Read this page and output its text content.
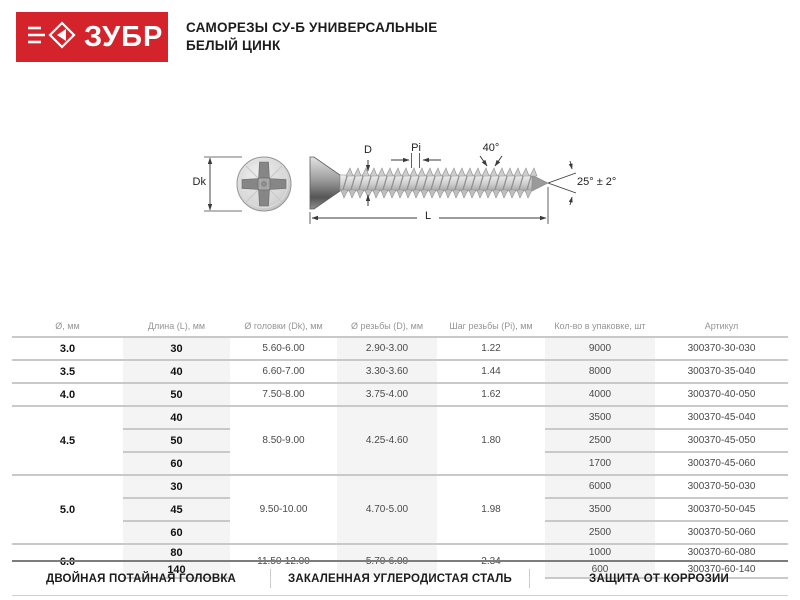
ЗУБР САМОРЕЗЫ СУ-Б УНИВЕРСАЛЬНЫЕ
БЕЛЫЙ ЦИНК
Dk
D	Pi	40°
25° ± 2°
L
Ø, мм	Длина (L), мм	Ø головки (Dk), мм	Ø резьбы (D), мм	Шаг резьбы (Pi), мм	Кол-во в упаковке, шт	Артикул
3.0	30	5.60-6.00	2.90-3.00	1.22	9000	300370-30-030
3.5	40	6.60-7.00	3.30-3.60	1.44	8000	300370-35-040
4.0	50	7.50-8.00	3.75-4.00	1.62	4000	300370-40-050
4.5	40	8.50-9.00	4.25-4.60	1.80	3500	300370-45-040
	50				2500	300370-45-050
	60				1700	300370-45-060
5.0	30	9.50-10.00	4.70-5.00	1.98	6000	300370-50-030
	45				3500	300370-50-045
	60				2500	300370-50-060
6.0	80	11.50-12.00	5.70-6.00	2.34	1000	300370-60-080
	140				600	300370-60-140
ДВОЙНАЯ ПОТАЙНАЯ ГОЛОВКА	ЗАКАЛЕННАЯ УГЛЕРОДИСТАЯ СТАЛЬ	ЗАЩИТА ОТ КОРРОЗИИ
